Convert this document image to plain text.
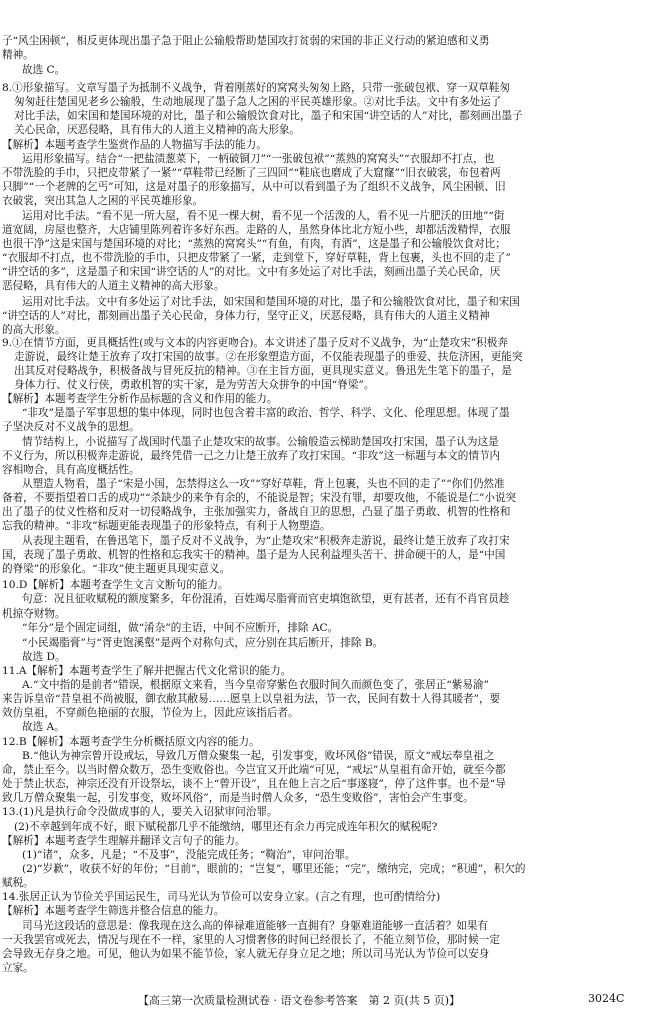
子“风尘困顿”，相反更体现出墨子急于阻止公输般帮助楚国攻打贫弱的宋国的非正义行动的紧迫感和义勇
精神。
故选 C。
8.①形象描写。文章写墨子为抵制不义战争，背着刚蒸好的窝窝头匆匆上路，只带一张破包袱、穿一双草鞋匆
匆匆赶往楚国见老乡公输般，生动地展现了墨子急人之困的平民英雄形象。②对比手法。文中有多处运了
对比手法，如宋国和楚国环境的对比，墨子和公输般饮食对比，墨子和宋国“讲空话的人”对比，都刻画出墨子
关心民命，厌恶侵略，具有伟大的人道主义精神的高大形象。
【解析】本题考查学生鉴赏作品的人物描写手法的能力。
运用形象描写。结合“一把盐渍葱菜下，一柄破铜刀”“一张破包袱”“蒸熟的窝窝头”“衣服却不打点，也
不带洗脸的手巾，只把皮带紧了一紧”“草鞋带已经断了三四回”“鞋底也磨成了大窟窿”“旧衣破裳，布包着两
只脚”“一个老牌的乞丐”可知，这是对墨子的形象描写，从中可以看到墨子为了组织不义战争，风尘困顿、旧
衣破裳，突出其急人之困的平民英雄形象。
运用对比手法。“看不见一所大屋，看不见一棵大树，看不见一个活泼的人，看不见一片肥沃的田地”“街
道宽阔，房屋也整齐，大店铺里陈列着许多好东西。走路的人，虽然身体比北方短小些，却都活泼精悍，衣服
也很干净”这是宋国与楚国环境的对比；“蒸熟的窝窝头”“有鱼，有肉，有酒”，这是墨子和公输般饮食对比；
“衣服却不打点，也不带洗脸的手巾，只把皮带紧了一紧，走到堂下，穿好草鞋，背上包裹，头也不回的走了”
“讲空话的多”，这是墨子和宋国“讲空话的人”的对比。文中有多处运了对比手法，刻画出墨子关心民命，厌
恶侵略，具有伟大的人道主义精神的高大形象。
运用对比手法。文中有多处运了对比手法，如宋国和楚国环境的对比，墨子和公输般饮食对比，墨子和宋国
“讲空话的人”对比，都刻画出墨子关心民命，身体力行，坚守正义，厌恶侵略，具有伟大的人道主义精神
的高大形象。
9.①在情节方面，更具概括性(或与文本的内容更吻合)。本文讲述了墨子反对不义战争，为“止楚攻宋”积极奔
走游说，最终让楚王放弃了攻打宋国的故事。②在形象塑造方面，不仅能表现墨子的垂爱、扶危济困，更能突
出其反对侵略战争，积极备战与冒死反抗的精神。③在主旨方面，更具现实意义。鲁迅先生笔下的墨子，是
身体力行、仗义行侠，勇敢机智的实干家，是为劳苦大众拼争的中国“脊梁”。
【解析】本题考查学生分析作品标题的含义和作用的能力。
“非攻”是墨子军事思想的集中体现，同时也包含着丰富的政治、哲学、科学、文化、伦理思想。体现了墨
子坚决反对不义战争的思想。
情节结构上，小说描写了战国时代墨子止楚攻宋的故事。公输般造云梯助楚国攻打宋国，墨子认为这是
不义行为，所以积极奔走游说，最终凭借一己之力让楚王放弃了攻打宋国。“非攻”这一标题与本文的情节内
容相吻合，具有高度概括性。
从塑造人物看，墨子“宋是小国，怎禁得这么一攻”“穿好草鞋，背上包裹，头也不回的走了”“你们仍然准
备着，不要指望着口舌的成功”“杀缺少的来争有余的，不能说是智；宋没有罪，却要攻他，不能说是仁”小说突
出了墨子的仗义性格和反对一切侵略战争，主张加强实力，备战自卫的思想，凸显了墨子勇敢、机智的性格和
忘我的精神。“非攻”标题更能表现墨子的形象特点，有利于人物塑造。
从表现主题看，在鲁迅笔下，墨子反对不义战争，为“止楚攻宋”积极奔走游说，最终让楚王放弃了攻打宋
国，表现了墨子勇敢、机智的性格和忘我实干的精神。墨子是为人民利益埋头苦干、拼命硬干的人，是“中国
的脊梁”的形象化。“非攻”使主题更具现实意义。
10.D【解析】本题考查学生文言文断句的能力。
句意：况且征收赋税的额度繁多，年份混淆，百姓竭尽脂膏而官吏填饱欲望，更有甚者，还有不肖官员趁
机掠夺财物。
“年分”是个固定词组，做“淆杂”的主语，中间不应断开，排除 AC。
“小民竭脂膏”与“胥吏饱溪壑”是两个对称句式，应分别在其后断开，排除 B。
故选 D。
11.A【解析】本题考查学生了解并把握古代文化常识的能力。
A.“文中指的是前者”错误，根据原文来看，当今皇帝穿紫色衣服时间久而颜色变了，张居正“紫易渝”
来告诉皇帝“昔皇祖不尚被服，御衣敝其敝易……愿皇上以皇祖为法，节一衣，民间有数十人得其暖者”，要
效仿皇祖，不穿颜色艳丽的衣服，节俭为上，因此应该指后者。
故选 A。
12.B【解析】本题考查学生分析概括原文内容的能力。
B.“他认为神宗曾开设戒坛，导致几万僧众聚集一起，引发事变，败坏风俗”错误，原文“戒坛奉皇祖之
命，禁止至今。以当时僧众数万，恐生变败俗也。今岂宜又开此端”可见，“戒坛”从皇祖有命开始，就至今都
处于禁止状态，神宗还没有开设祭坛，谈不上“曾开设”，且在他上言之后“事遂寝”，停了这件事。也不是“导
致几万僧众聚集一起，引发事变，败坏风俗”，而是当时僧人众多，“恐生变败俗”，害怕会产生事变。
13.(1)凡是执行命令没做成事的人，要关入诏狱审问治罪。
(2)不幸越到年成不好，眼下赋税都几乎不能缴纳，哪里还有余力再完成连年积欠的赋税呢?
【解析】本题考查学生理解并翻译文言句子的能力。
(1)“诸”，众多，凡是；“不及事”，没能完成任务；“鞫治”，审问治罪。
(2)“岁歉”，收获不好的年份；“目前”，眼前的；“岂复”，哪里还能；“完”，缴纳完，完成；“积逋”，积欠的
赋税。
14.张居正认为节俭关乎国运民生，司马光认为节俭可以安身立家。(言之有理，也可酌情给分)
【解析】本题考查学生筛选并整合信息的能力。
司马光这段话的意思是：像我现在这么高的俸禄难道能够一直拥有？身躯难道能够一直活着？如果有
一天我罢官或死去，情况与现在不一样，家里的人习惯奢侈的时间已经很长了，不能立刻节俭，那时候一定
会导致无存身之地。可见，他认为如果不能节俭，家人就无存身立足之地；所以司马光认为节俭可以安身
立家。
【高三第一次质量检测试卷 · 语文卷参考答案　第 2 页(共 5 页)】	3024C
